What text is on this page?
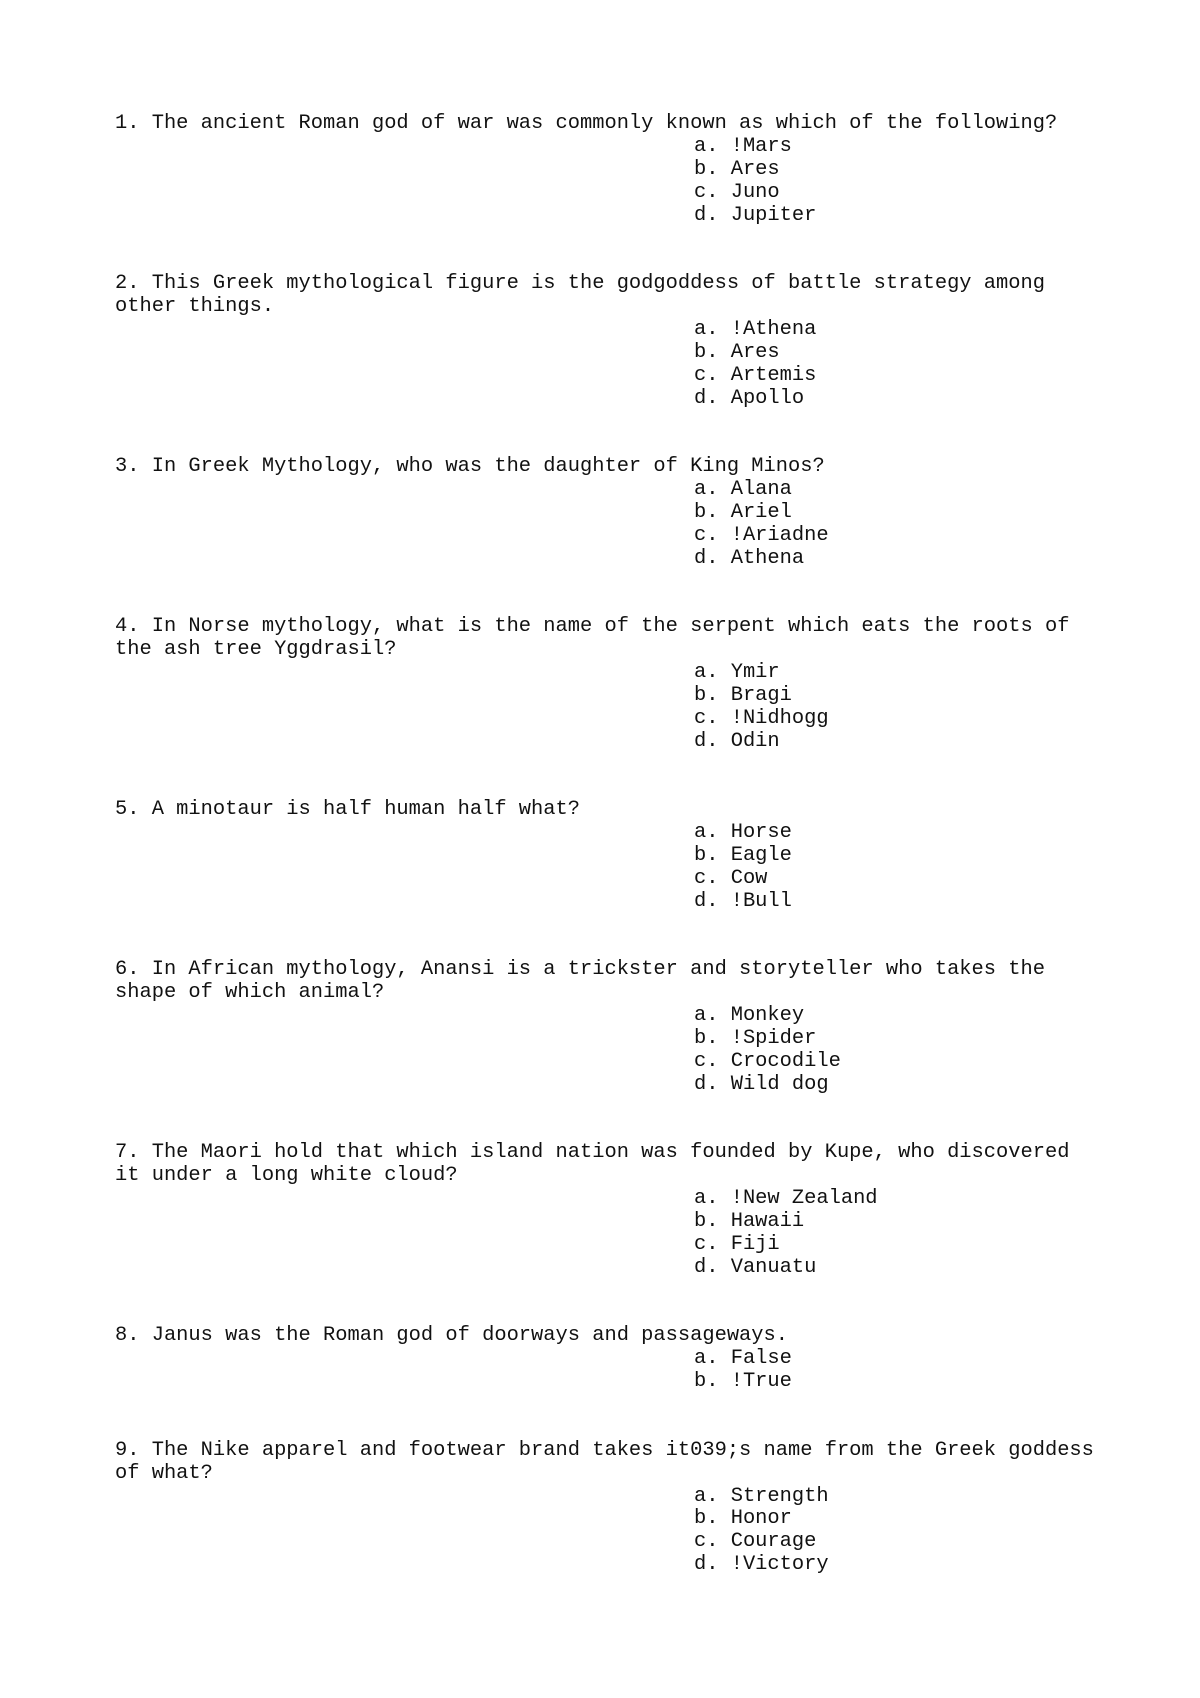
1. The ancient Roman god of war was commonly known as which of the following?
a. !Mars
b. Ares
c. Juno
d. Jupiter
2. This Greek mythological figure is the godgoddess of battle strategy among other things.
a. !Athena
b. Ares
c. Artemis
d. Apollo
3. In Greek Mythology, who was the daughter of King Minos?
a. Alana
b. Ariel
c. !Ariadne
d. Athena
4. In Norse mythology, what is the name of the serpent which eats the roots of the ash tree Yggdrasil?
a. Ymir
b. Bragi
c. !Nidhogg
d. Odin
5. A minotaur is half human half what?
a. Horse
b. Eagle
c. Cow
d. !Bull
6. In African mythology, Anansi is a trickster and storyteller who takes the shape of which animal?
a. Monkey
b. !Spider
c. Crocodile
d. Wild dog
7. The Maori hold that which island nation was founded by Kupe, who discovered it under a long white cloud?
a. !New Zealand
b. Hawaii
c. Fiji
d. Vanuatu
8. Janus was the Roman god of doorways and passageways.
a. False
b. !True
9. The Nike apparel and footwear brand takes it039;s name from the Greek goddess of what?
a. Strength
b. Honor
c. Courage
d. !Victory
